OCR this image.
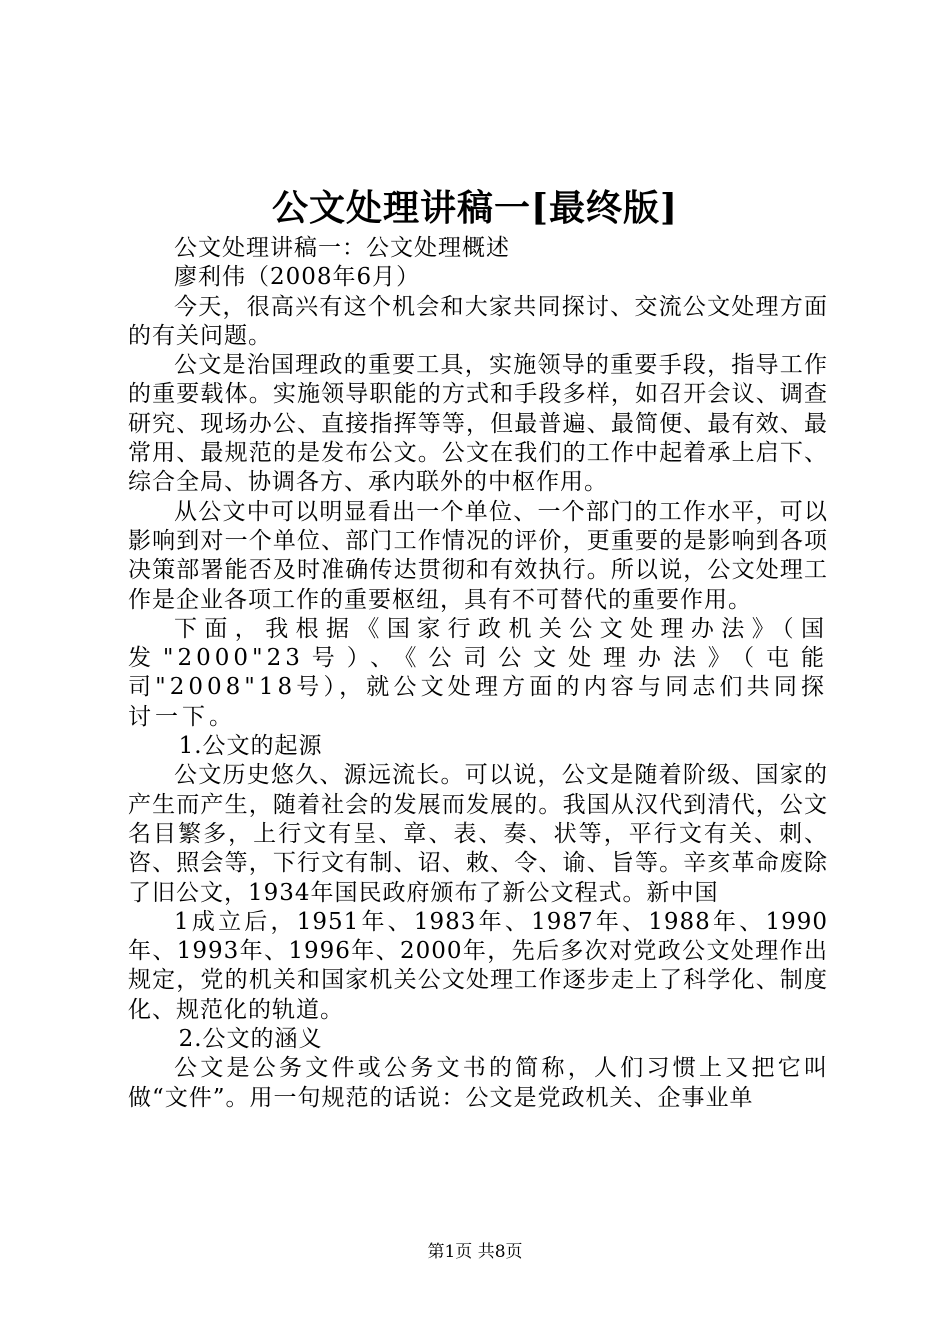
公文处理讲稿一[最终版]

公文处理讲稿一：公文处理概述

廖利伟（2008年6月）

今天，很高兴有这个机会和大家共同探讨、交流公文处理方面的有关问题。

公文是治国理政的重要工具，实施领导的重要手段，指导工作的重要载体。实施领导职能的方式和手段多样，如召开会议、调查研究、现场办公、直接指挥等等，但最普遍、最简便、最有效、最常用、最规范的是发布公文。公文在我们的工作中起着承上启下、综合全局、协调各方、承内联外的中枢作用。

从公文中可以明显看出一个单位、一个部门的工作水平，可以影响到对一个单位、部门工作情况的评价，更重要的是影响到各项决策部署能否及时准确传达贯彻和有效执行。所以说，公文处理工作是企业各项工作的重要枢纽，具有不可替代的重要作用。

下面，我根据《国家行政机关公文处理办法》（国发"2000"23号）、《公司公文处理办法》（屯能司"2008"18号），就公文处理方面的内容与同志们共同探讨一下。

1.公文的起源

公文历史悠久、源远流长。可以说，公文是随着阶级、国家的产生而产生，随着社会的发展而发展的。我国从汉代到清代，公文名目繁多，上行文有呈、章、表、奏、状等，平行文有关、刺、咨、照会等，下行文有制、诏、敕、令、谕、旨等。辛亥革命废除了旧公文，1934年国民政府颁布了新公文程式。新中国

1成立后，1951年、1983年、1987年、1988年、1990年、1993年、1996年、2000年，先后多次对党政公文处理作出规定，党的机关和国家机关公文处理工作逐步走上了科学化、制度化、规范化的轨道。

2.公文的涵义

公文是公务文件或公务文书的简称，人们习惯上又把它叫做“文件”。用一句规范的话说：公文是党政机关、企事业单

第1页 共8页
